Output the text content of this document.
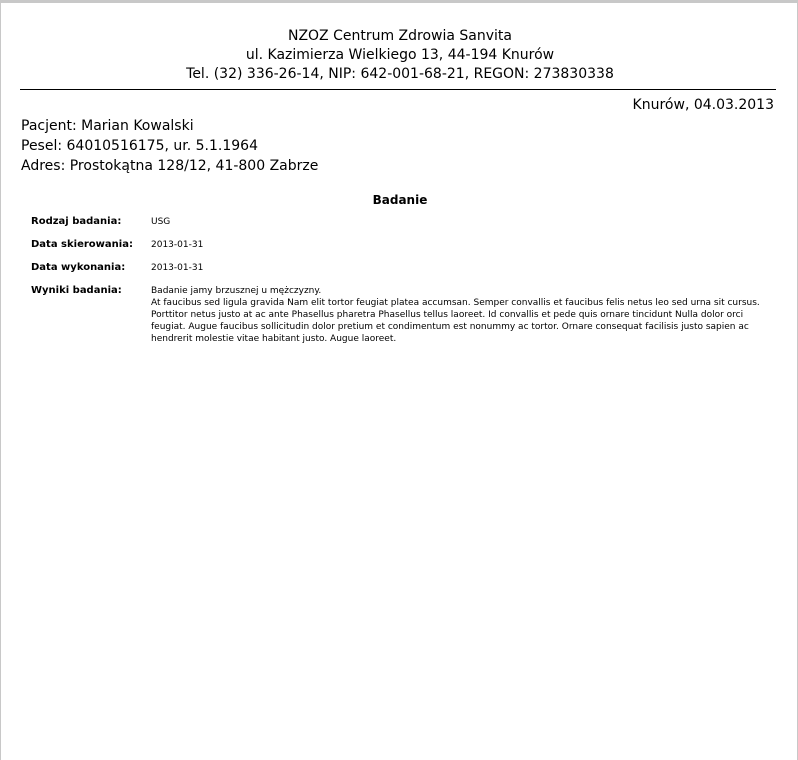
NZOZ Centrum Zdrowia Sanvita
ul. Kazimierza Wielkiego 13, 44-194 Knurów
Tel. (32) 336-26-14, NIP: 642-001-68-21, REGON: 273830338
Knurów, 04.03.2013
Pacjent: Marian Kowalski
Pesel: 64010516175, ur. 5.1.1964
Adres: Prostokątna 128/12, 41-800 Zabrze
Badanie
Rodzaj badania:	USG
Data skierowania:	2013-01-31
Data wykonania:	2013-01-31
Wyniki badania:	Badanie jamy brzusznej u mężczyzny.
At faucibus sed ligula gravida Nam elit tortor feugiat platea accumsan. Semper convallis et faucibus felis netus leo sed urna sit cursus. Porttitor netus justo at ac ante Phasellus pharetra Phasellus tellus laoreet. Id convallis et pede quis ornare tincidunt Nulla dolor orci feugiat. Augue faucibus sollicitudin dolor pretium et condimentum est nonummy ac tortor. Ornare consequat facilisis justo sapien ac hendrerit molestie vitae habitant justo. Augue laoreet.
